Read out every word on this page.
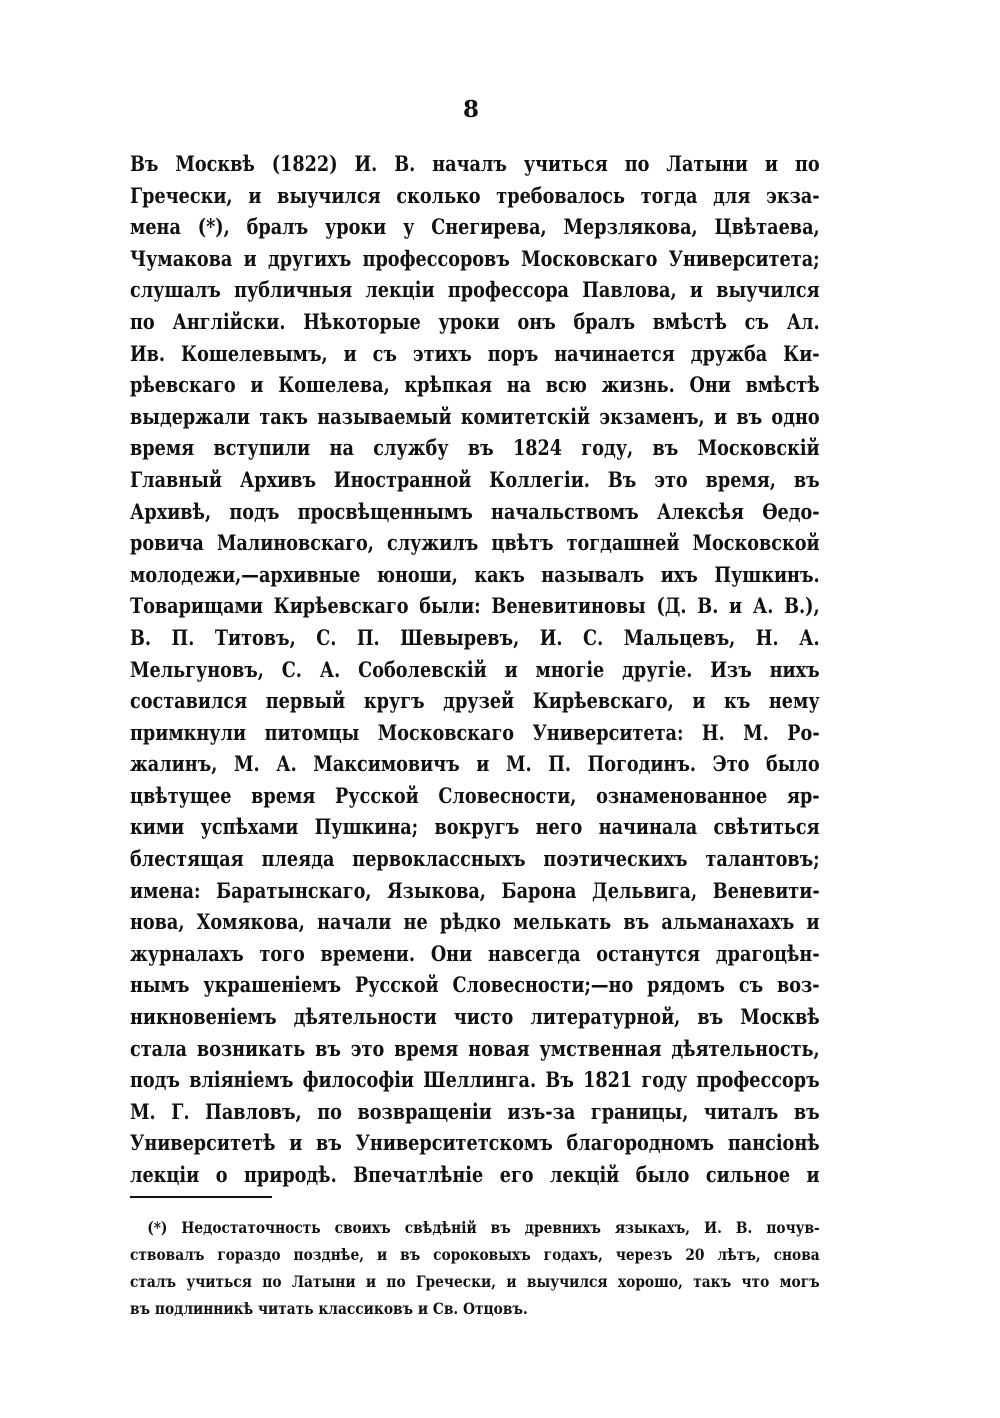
8
Въ Москвѣ (1822) И. В. началъ учиться по Латыни и по
Гречески, и выучился сколько требовалось тогда для экза-
мена (*), бралъ уроки у Снегирева, Мерзлякова, Цвѣтаева,
Чумакова и другихъ профессоровъ Московскаго Университета;
слушалъ публичныя лекціи профессора Павлова, и выучился
по Англійски. Нѣкоторые уроки онъ бралъ вмѣстѣ съ Ал.
Ив. Кошелевымъ, и съ этихъ поръ начинается дружба Ки-
рѣевскаго и Кошелева, крѣпкая на всю жизнь. Они вмѣстѣ
выдержали такъ называемый комитетскій экзаменъ, и въ одно
время вступили на службу въ 1824 году, въ Московскій
Главный Архивъ Иностранной Коллегіи. Въ это время, въ
Архивѣ, подъ просвѣщеннымъ начальствомъ Алексѣя Ѳедо-
ровича Малиновскаго, служилъ цвѣтъ тогдашней Московской
молодежи,—архивные юноши, какъ называлъ ихъ Пушкинъ.
Товарищами Кирѣевскаго были: Веневитиновы (Д. В. и А. В.),
В. П. Титовъ, С. П. Шевыревъ, И. С. Мальцевъ, Н. А.
Мельгуновъ, С. А. Соболевскій и многіе другіе. Изъ нихъ
составился первый кругъ друзей Кирѣевскаго, и къ нему
примкнули питомцы Московскаго Университета: Н. М. Ро-
жалинъ, М. А. Максимовичъ и М. П. Погодинъ. Это было
цвѣтущее время Русской Словесности, ознаменованное яр-
кими успѣхами Пушкина; вокругъ него начинала свѣтиться
блестящая плеяда первоклассныхъ поэтическихъ талантовъ;
имена: Баратынскаго, Языкова, Барона Дельвига, Веневити-
нова, Хомякова, начали не рѣдко мелькать въ альманахахъ и
журналахъ того времени. Они навсегда останутся драгоцѣн-
нымъ украшеніемъ Русской Словесности;—но рядомъ съ воз-
никновеніемъ дѣятельности чисто литературной, въ Москвѣ
стала возникать въ это время новая умственная дѣятельность,
подъ вліяніемъ философіи Шеллинга. Въ 1821 году профессоръ
М. Г. Павловъ, по возвращеніи изъ-за границы, читалъ въ
Университетѣ и въ Университетскомъ благородномъ пансіонѣ
лекціи о природѣ. Впечатлѣніе его лекцій было сильное и
(*) Недостаточность своихъ свѣдѣній въ древнихъ языкахъ, И. В. почув-
ствовалъ гораздо позднѣе, и въ сороковыхъ годахъ, черезъ 20 лѣтъ, снова
сталъ учиться по Латыни и по Гречески, и выучился хорошо, такъ что могъ
въ подлинникѣ читать классиковъ и Св. Отцовъ.
